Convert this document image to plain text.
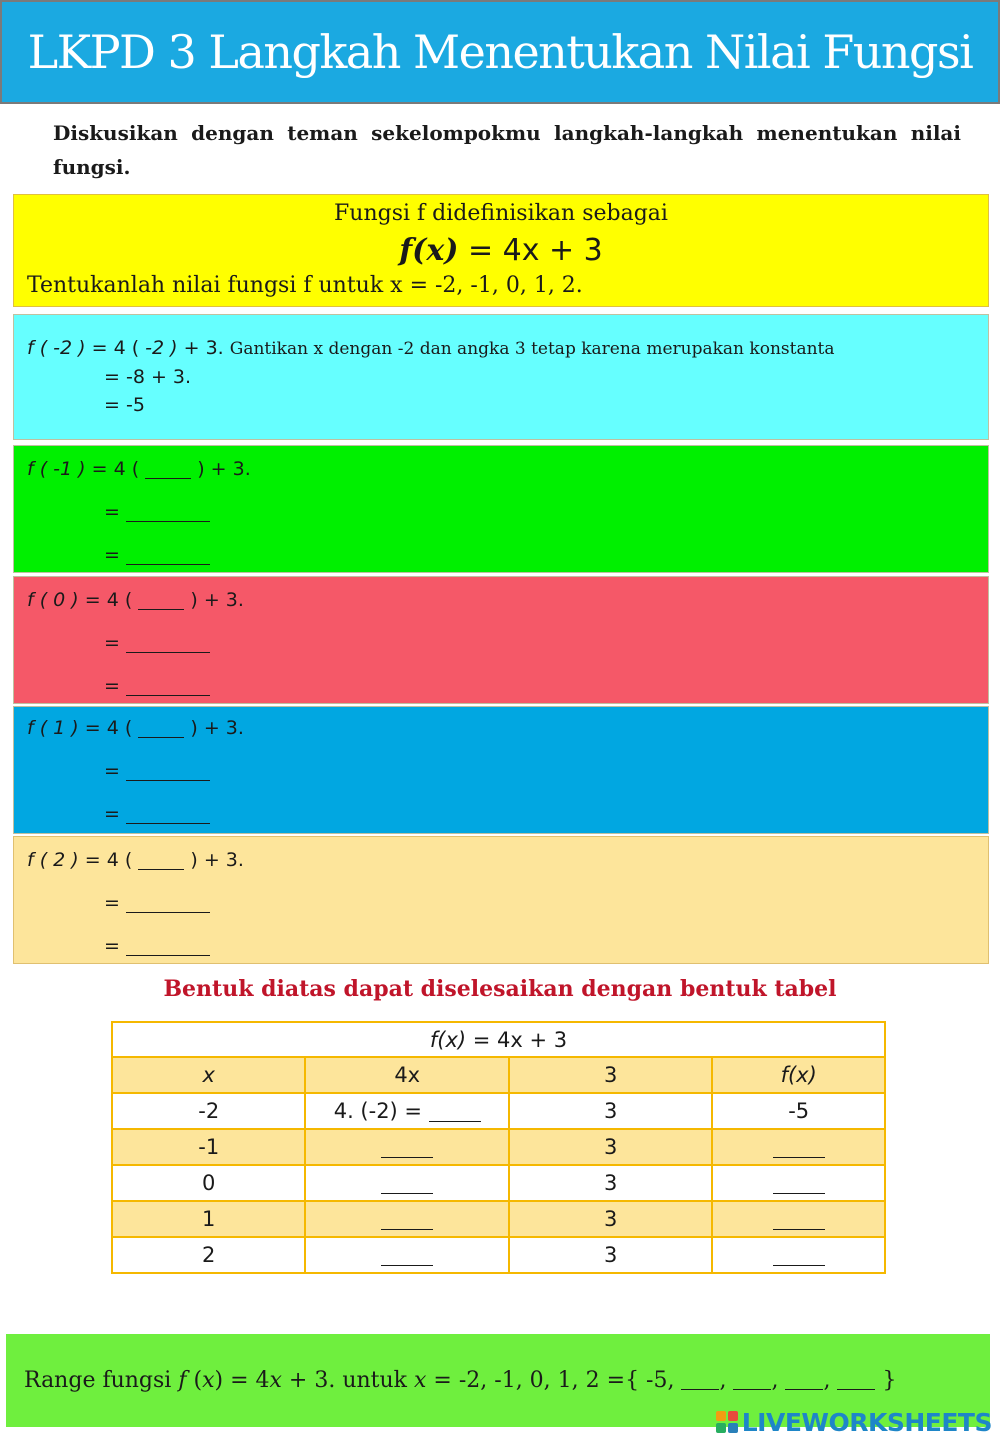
LKPD 3 Langkah Menentukan Nilai Fungsi

Diskusikan dengan teman sekelompokmu langkah-langkah menentukan nilai fungsi.

Fungsi f didefinisikan sebagai
f(x) = 4x + 3
Tentukanlah nilai fungsi f untuk x = -2, -1, 0, 1, 2.
f ( -2 ) = 4 ( -2 ) + 3. Gantikan x dengan -2 dan angka 3 tetap karena merupakan konstanta
= -8 + 3.
= -5
f ( -1 ) = 4 (  ) + 3.
=
=
f ( 0 ) = 4 (  ) + 3.
=
=
f ( 1 ) = 4 (  ) + 3.
=
=
f ( 2 ) = 4 (  ) + 3.
=
=
Bentuk diatas dapat diselesaikan dengan bentuk tabel
f(x) = 4x + 3			
x	4x	3	f(x)
-2	4. (-2) =	3	-5
-1		3	
0		3	
1		3	
2		3	
Range fungsi f (x) = 4x + 3. untuk x = -2, -1, 0, 1, 2 ={ -5, , , ,  }
LIVEWORKSHEETS
